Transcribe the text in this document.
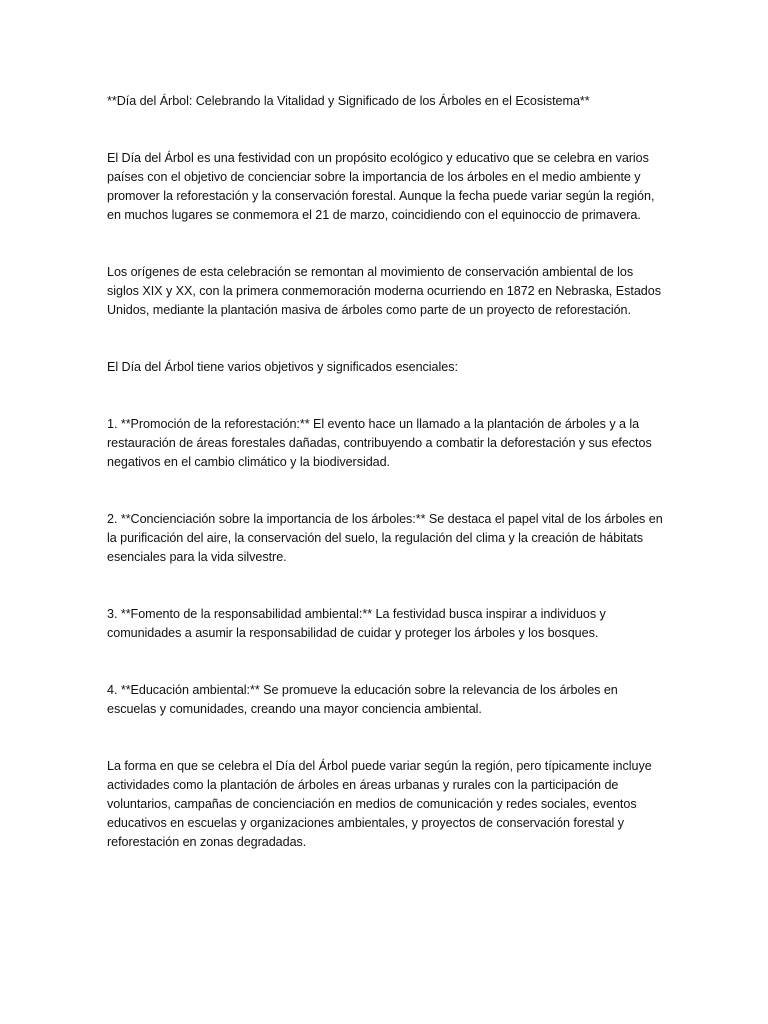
**Día del Árbol: Celebrando la Vitalidad y Significado de los Árboles en el Ecosistema**

El Día del Árbol es una festividad con un propósito ecológico y educativo que se celebra en varios países con el objetivo de concienciar sobre la importancia de los árboles en el medio ambiente y promover la reforestación y la conservación forestal. Aunque la fecha puede variar según la región, en muchos lugares se conmemora el 21 de marzo, coincidiendo con el equinoccio de primavera.

Los orígenes de esta celebración se remontan al movimiento de conservación ambiental de los siglos XIX y XX, con la primera conmemoración moderna ocurriendo en 1872 en Nebraska, Estados Unidos, mediante la plantación masiva de árboles como parte de un proyecto de reforestación.

El Día del Árbol tiene varios objetivos y significados esenciales:

1. **Promoción de la reforestación:** El evento hace un llamado a la plantación de árboles y a la restauración de áreas forestales dañadas, contribuyendo a combatir la deforestación y sus efectos negativos en el cambio climático y la biodiversidad.

2. **Concienciación sobre la importancia de los árboles:** Se destaca el papel vital de los árboles en la purificación del aire, la conservación del suelo, la regulación del clima y la creación de hábitats esenciales para la vida silvestre.

3. **Fomento de la responsabilidad ambiental:** La festividad busca inspirar a individuos y comunidades a asumir la responsabilidad de cuidar y proteger los árboles y los bosques.

4. **Educación ambiental:** Se promueve la educación sobre la relevancia de los árboles en escuelas y comunidades, creando una mayor conciencia ambiental.

La forma en que se celebra el Día del Árbol puede variar según la región, pero típicamente incluye actividades como la plantación de árboles en áreas urbanas y rurales con la participación de voluntarios, campañas de concienciación en medios de comunicación y redes sociales, eventos educativos en escuelas y organizaciones ambientales, y proyectos de conservación forestal y reforestación en zonas degradadas.
